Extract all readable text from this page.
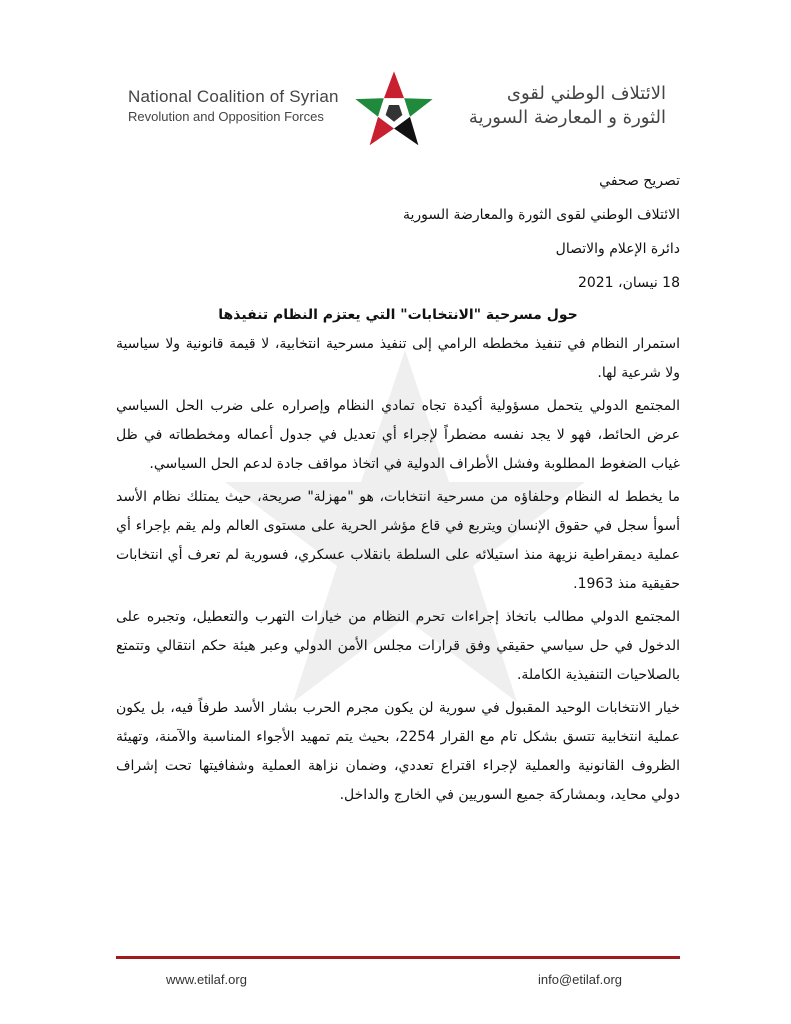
National Coalition of Syrian
Revolution and Opposition Forces
الائتلاف الوطني لقوى
الثورة و المعارضة السورية
تصريح صحفي
الائتلاف الوطني لقوى الثورة والمعارضة السورية
دائرة الإعلام والاتصال
18 نيسان، 2021
حول مسرحية "الانتخابات" التي يعتزم النظام تنفيذها

استمرار النظام في تنفيذ مخططه الرامي إلى تنفيذ مسرحية انتخابية، لا قيمة قانونية ولا سياسية ولا شرعية لها.

المجتمع الدولي يتحمل مسؤولية أكيدة تجاه تمادي النظام وإصراره على ضرب الحل السياسي عرض الحائط، فهو لا يجد نفسه مضطراً لإجراء أي تعديل في جدول أعماله ومخططاته في ظل غياب الضغوط المطلوبة وفشل الأطراف الدولية في اتخاذ مواقف جادة لدعم الحل السياسي.

ما يخطط له النظام وحلفاؤه من مسرحية انتخابات، هو "مهزلة" صريحة، حيث يمتلك نظام الأسد أسوأ سجل في حقوق الإنسان ويتربع في قاع مؤشر الحرية على مستوى العالم ولم يقم بإجراء أي عملية ديمقراطية نزيهة منذ استيلائه على السلطة بانقلاب عسكري، فسورية لم تعرف أي انتخابات حقيقية منذ 1963.

المجتمع الدولي مطالب باتخاذ إجراءات تحرم النظام من خيارات التهرب والتعطيل، وتجبره على الدخول في حل سياسي حقيقي وفق قرارات مجلس الأمن الدولي وعبر هيئة حكم انتقالي وتتمتع بالصلاحيات التنفيذية الكاملة.

خيار الانتخابات الوحيد المقبول في سورية لن يكون مجرم الحرب بشار الأسد طرفاً فيه، بل يكون عملية انتخابية تتسق بشكل تام مع القرار 2254، بحيث يتم تمهيد الأجواء المناسبة والآمنة، وتهيئة الظروف القانونية والعملية لإجراء اقتراع تعددي، وضمان نزاهة العملية وشفافيتها تحت إشراف دولي محايد، وبمشاركة جميع السوريين في الخارج والداخل.

www.etilaf.org	info@etilaf.org
